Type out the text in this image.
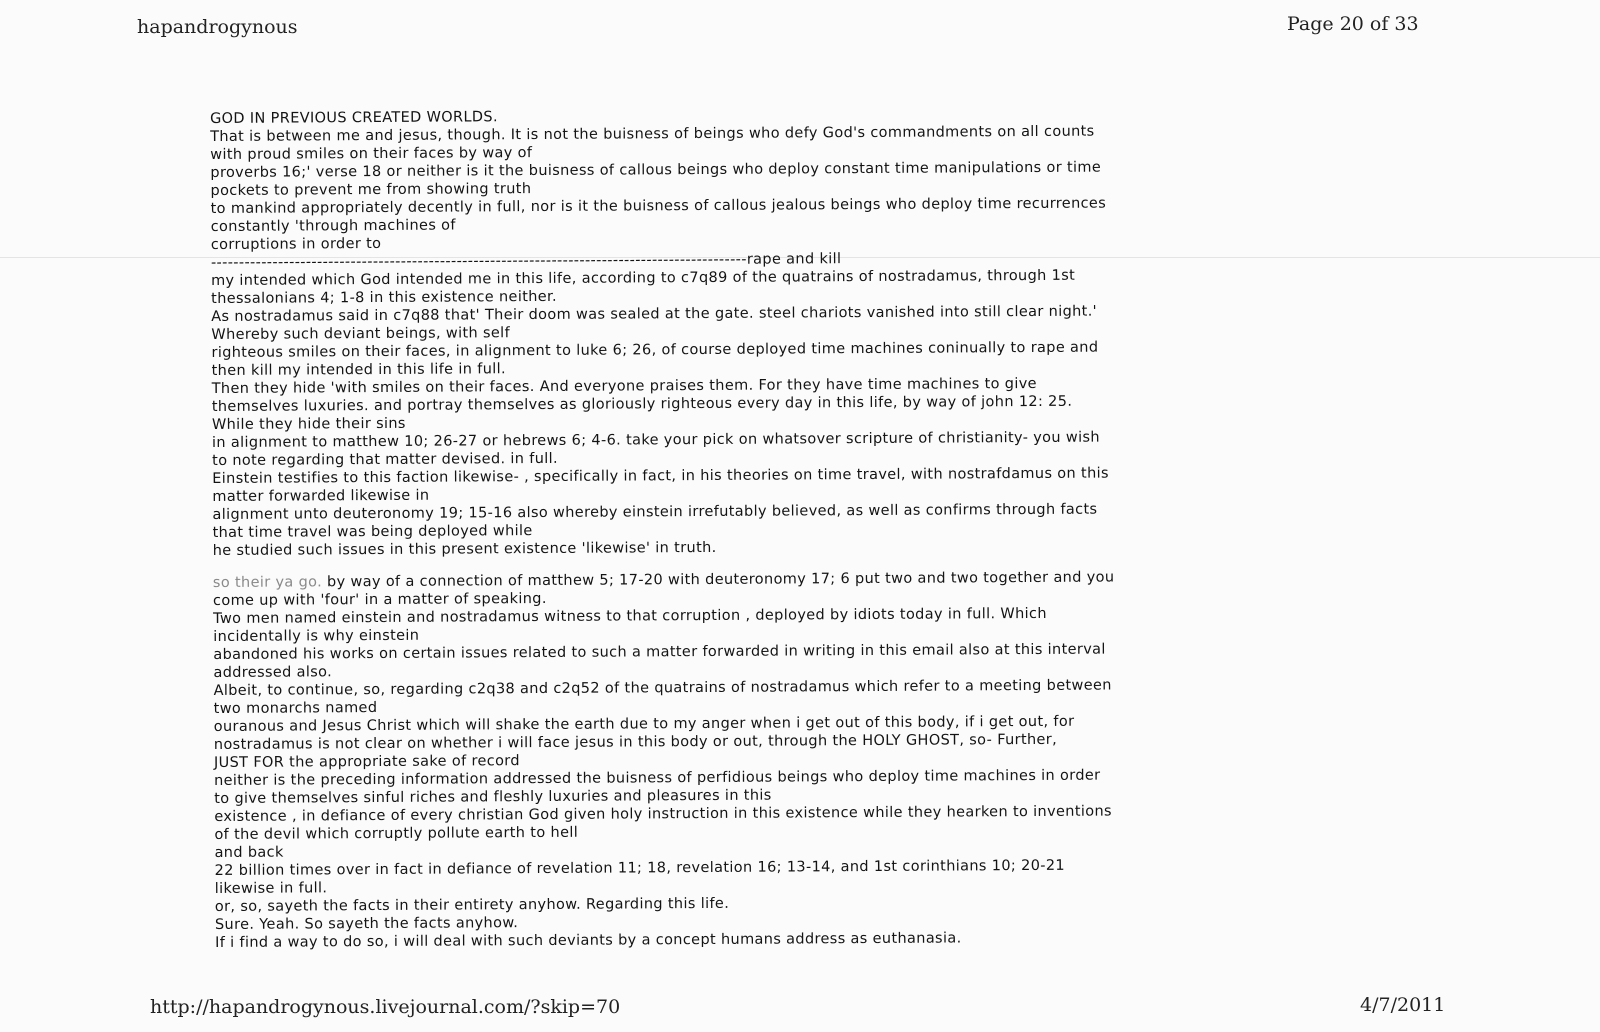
hapandrogynous	Page 20 of 33
GOD IN PREVIOUS CREATED WORLDS.
That is between me and jesus, though. It is not the buisness of beings who defy God's commandments on all counts
with proud smiles on their faces by way of
proverbs 16;' verse 18 or neither is it the buisness of callous beings who deploy constant time manipulations or time
pockets to prevent me from showing truth
to mankind appropriately decently in full, nor is it the buisness of callous jealous beings who deploy time recurrences
constantly 'through machines of
corruptions in order to
------------------------------------------------------------------------------------------------rape and kill
my intended which God intended me in this life, according to c7q89 of the quatrains of nostradamus, through 1st
thessalonians 4; 1-8 in this existence neither.
As nostradamus said in c7q88 that' Their doom was sealed at the gate. steel chariots vanished into still clear night.'
Whereby such deviant beings, with self
righteous smiles on their faces, in alignment to luke 6; 26, of course deployed time machines coninually to rape and
then kill my intended in this life in full.
Then they hide 'with smiles on their faces. And everyone praises them. For they have time machines to give
themselves luxuries. and portray themselves as gloriously righteous every day in this life, by way of john 12: 25.
While they hide their sins
in alignment to matthew 10; 26-27 or hebrews 6; 4-6. take your pick on whatsover scripture of christianity- you wish
to note regarding that matter devised. in full.
Einstein testifies to this faction likewise- , specifically in fact, in his theories on time travel, with nostrafdamus on this
matter forwarded likewise in
alignment unto deuteronomy 19; 15-16 also whereby einstein irrefutably believed, as well as confirms through facts
that time travel was being deployed while
he studied such issues in this present existence 'likewise' in truth.
so their ya go. by way of a connection of matthew 5; 17-20 with deuteronomy 17; 6 put two and two together and you
come up with 'four' in a matter of speaking.
Two men named einstein and nostradamus witness to that corruption , deployed by idiots today in full. Which
incidentally is why einstein
abandoned his works on certain issues related to such a matter forwarded in writing in this email also at this interval
addressed also.
Albeit, to continue, so, regarding c2q38 and c2q52 of the quatrains of nostradamus which refer to a meeting between
two monarchs named
ouranous and Jesus Christ which will shake the earth due to my anger when i get out of this body, if i get out, for
nostradamus is not clear on whether i will face jesus in this body or out, through the HOLY GHOST, so- Further,
JUST FOR the appropriate sake of record
neither is the preceding information addressed the buisness of perfidious beings who deploy time machines in order
to give themselves sinful riches and fleshly luxuries and pleasures in this
existence , in defiance of every christian God given holy instruction in this existence while they hearken to inventions
of the devil which corruptly pollute earth to hell
and back
22 billion times over in fact in defiance of revelation 11; 18, revelation 16; 13-14, and 1st corinthians 10; 20-21
likewise in full.
or, so, sayeth the facts in their entirety anyhow. Regarding this life.
Sure. Yeah. So sayeth the facts anyhow.
If i find a way to do so, i will deal with such deviants by a concept humans address as euthanasia.
http://hapandrogynous.livejournal.com/?skip=70	4/7/2011
